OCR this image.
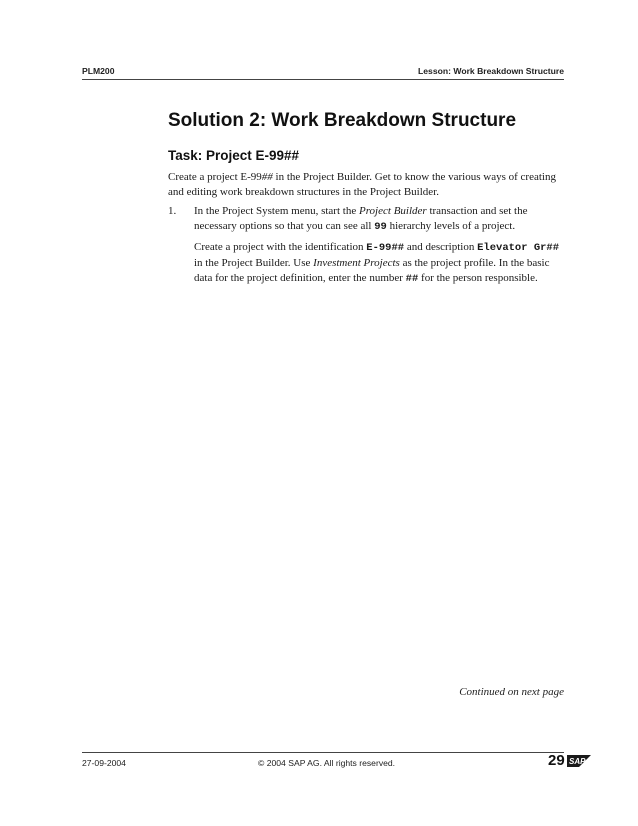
PLM200	Lesson: Work Breakdown Structure
Solution 2: Work Breakdown Structure
Task: Project E-99##

Create a project E-99## in the Project Builder. Get to know the various ways of creating and editing work breakdown structures in the Project Builder.

1. In the Project System menu, start the Project Builder transaction and set the necessary options so that you can see all 99 hierarchy levels of a project.

Create a project with the identification E-99## and description Elevator Gr## in the Project Builder. Use Investment Projects as the project profile. In the basic data for the project definition, enter the number ## for the person responsible.

Continued on next page
27-09-2004	© 2004 SAP AG. All rights reserved.	29 SAP
